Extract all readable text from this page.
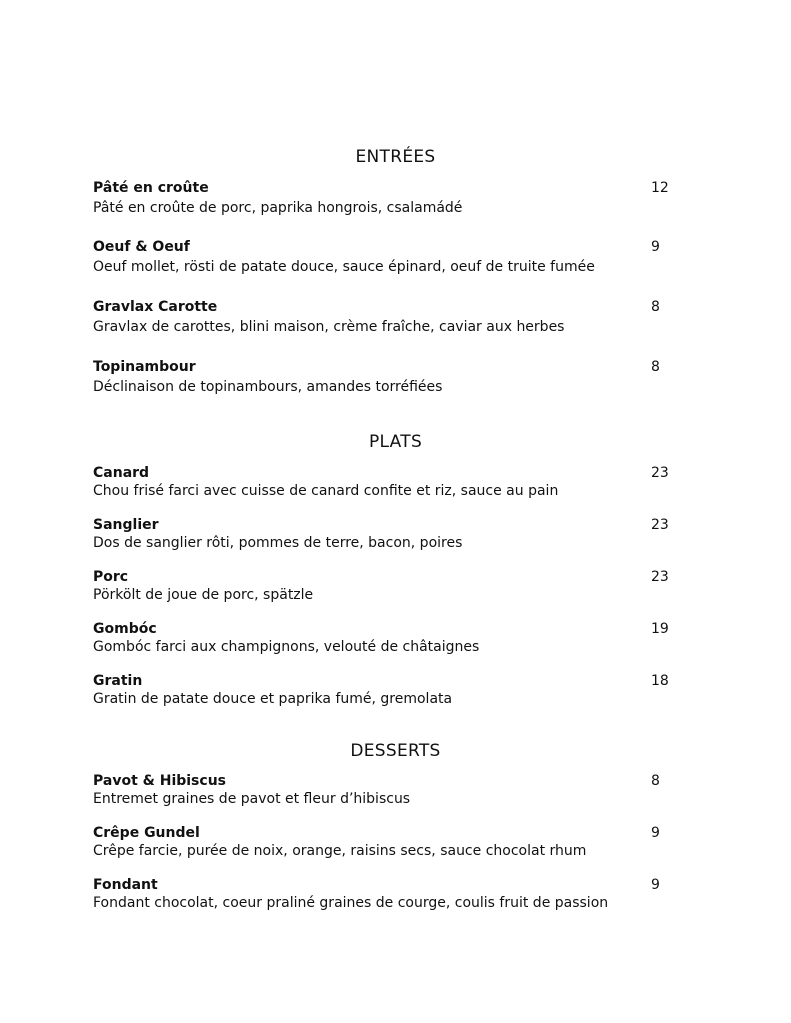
ENTRÉES
Pâté en croûte
Pâté en croûte de porc, paprika hongrois, csalamádé
12
Oeuf & Oeuf
Oeuf mollet, rösti de patate douce, sauce épinard, oeuf de truite fumée
9
Gravlax Carotte
Gravlax de carottes, blini maison, crème fraîche, caviar aux herbes
8
Topinambour
Déclinaison de topinambours, amandes torréfiées
8
PLATS
Canard
Chou frisé farci avec cuisse de canard confite et riz, sauce au pain
23
Sanglier
Dos de sanglier rôti, pommes de terre, bacon, poires
23
Porc
Pörkölt de joue de porc, spätzle
23
Gombóc
Gombóc farci aux champignons, velouté de châtaignes
19
Gratin
Gratin de patate douce et paprika fumé, gremolata
18
DESSERTS
Pavot & Hibiscus
Entremet graines de pavot et fleur d’hibiscus
8
Crêpe Gundel
Crêpe farcie, purée de noix, orange, raisins secs, sauce chocolat rhum
9
Fondant
Fondant chocolat, coeur praliné graines de courge, coulis fruit de passion
9
